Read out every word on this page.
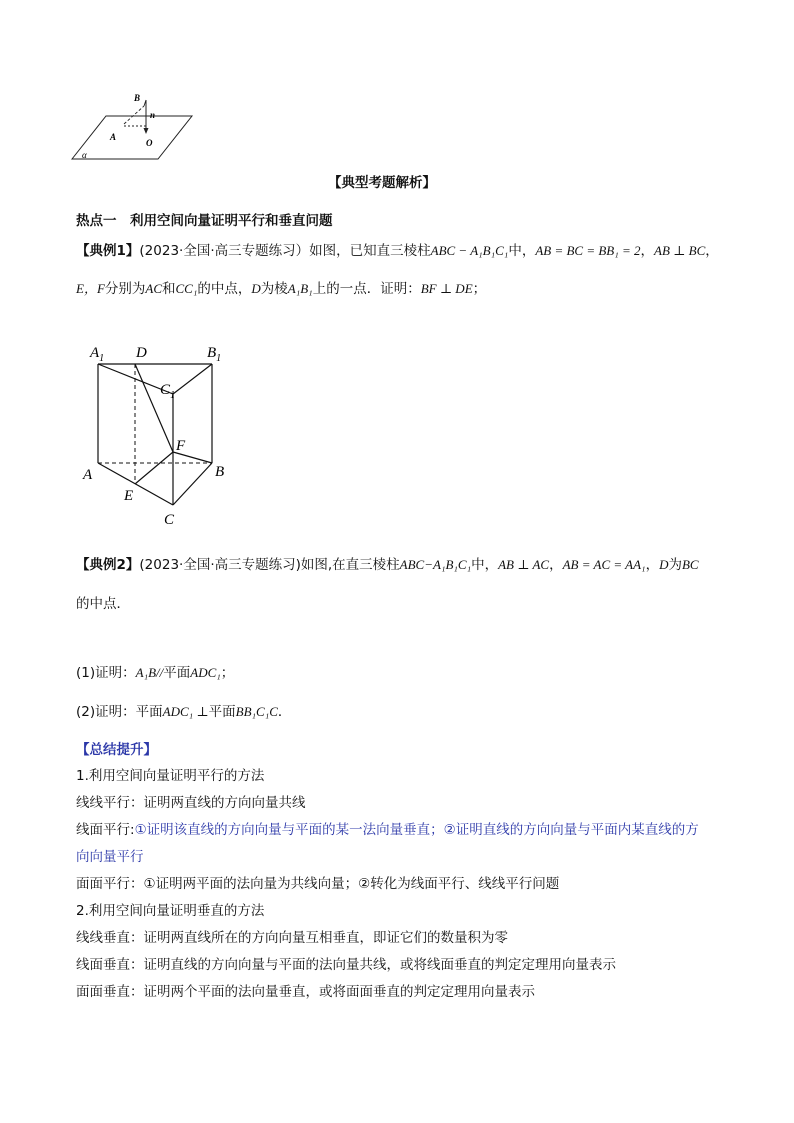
B
n
A
O
α
【典型考题解析】
热点一　利用空间向量证明平行和垂直问题
【典例1】(2023·全国·高三专题练习）如图，已知直三棱柱ABC − A₁B₁C₁中，AB = BC = BB₁ = 2，AB ⊥ BC，
E，F分别为AC和CC₁的中点，D为棱A₁B₁上的一点．证明：BF ⊥ DE；
$A_1$ D	$B_1$
$C_1$
F
A	B
E
C
【典例2】(2023·全国·高三专题练习)如图,在直三棱柱ABC−A₁B₁C₁中，AB ⊥ AC，AB = AC = AA₁，D为BC
的中点．
(1)证明：A₁B//平面ADC₁；
(2)证明：平面ADC₁ ⊥平面BB₁C₁C．
【总结提升】
1.利用空间向量证明平行的方法
线线平行：证明两直线的方向向量共线
线面平行:①证明该直线的方向向量与平面的某一法向量垂直；②证明直线的方向向量与平面内某直线的方
向向量平行
面面平行：①证明两平面的法向量为共线向量；②转化为线面平行、线线平行问题
2.利用空间向量证明垂直的方法
线线垂直：证明两直线所在的方向向量互相垂直，即证它们的数量积为零
线面垂直：证明直线的方向向量与平面的法向量共线，或将线面垂直的判定定理用向量表示
面面垂直：证明两个平面的法向量垂直，或将面面垂直的判定定理用向量表示
